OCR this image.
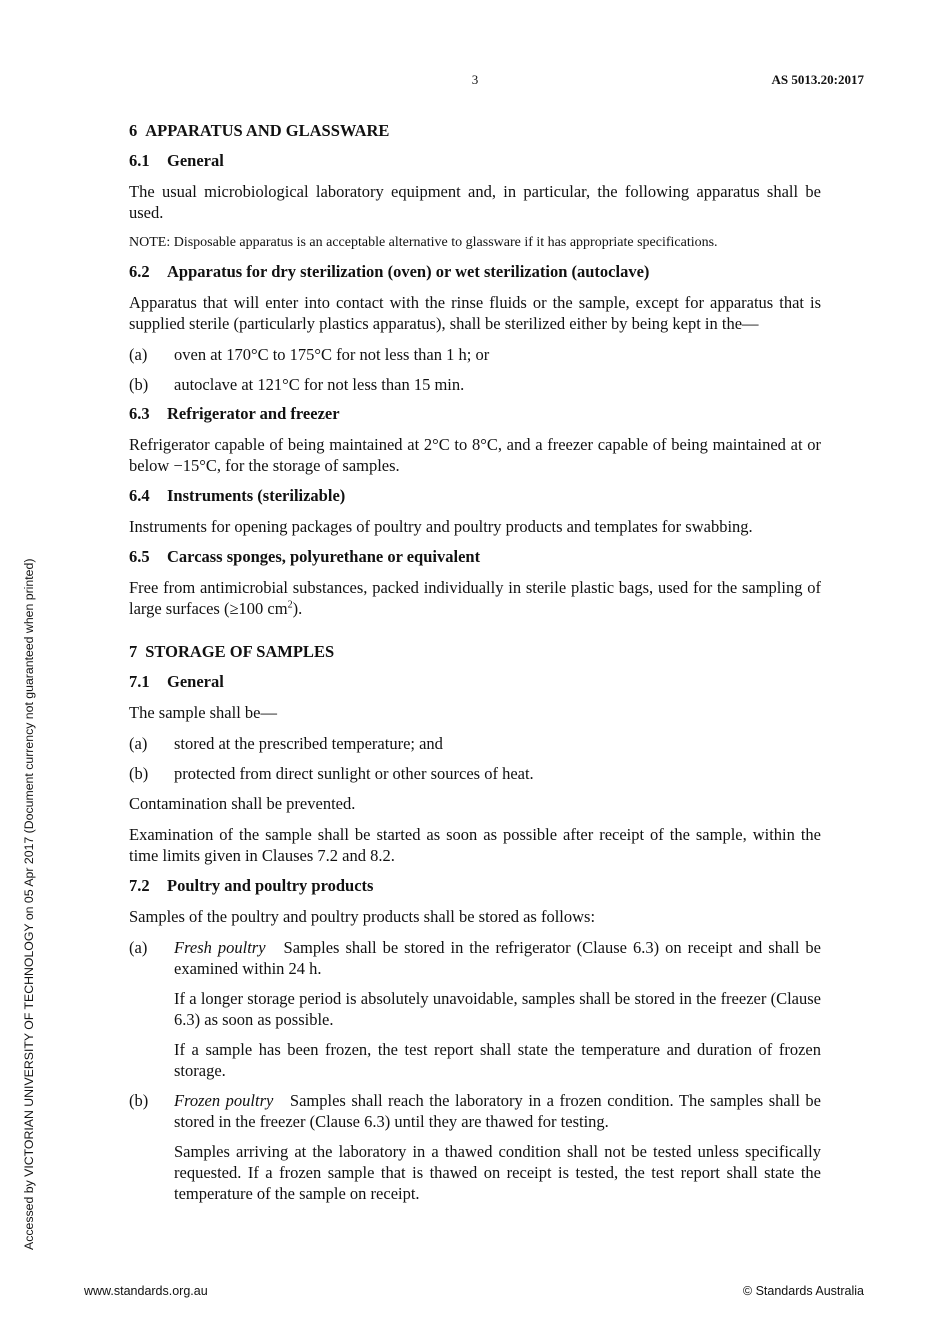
3	AS 5013.20:2017
Accessed by VICTORIAN UNIVERSITY OF TECHNOLOGY on 05 Apr 2017 (Document currency not guaranteed when printed)

6 APPARATUS AND GLASSWARE

6.1 General

The usual microbiological laboratory equipment and, in particular, the following apparatus shall be used.

NOTE: Disposable apparatus is an acceptable alternative to glassware if it has appropriate specifications.

6.2 Apparatus for dry sterilization (oven) or wet sterilization (autoclave)

Apparatus that will enter into contact with the rinse fluids or the sample, except for apparatus that is supplied sterile (particularly plastics apparatus), shall be sterilized either by being kept in the—

(a)	oven at 170°C to 175°C for not less than 1 h; or
(b)	autoclave at 121°C for not less than 15 min.

6.3 Refrigerator and freezer

Refrigerator capable of being maintained at 2°C to 8°C, and a freezer capable of being maintained at or below −15°C, for the storage of samples.

6.4 Instruments (sterilizable)

Instruments for opening packages of poultry and poultry products and templates for swabbing.

6.5 Carcass sponges, polyurethane or equivalent

Free from antimicrobial substances, packed individually in sterile plastic bags, used for the sampling of large surfaces (≥100 $cm^2$).

7 STORAGE OF SAMPLES

7.1 General

The sample shall be—

(a)	stored at the prescribed temperature; and
(b)	protected from direct sunlight or other sources of heat.

Contamination shall be prevented.

Examination of the sample shall be started as soon as possible after receipt of the sample, within the time limits given in Clauses 7.2 and 8.2.

7.2 Poultry and poultry products

Samples of the poultry and poultry products shall be stored as follows:

(a)	Fresh poultry Samples shall be stored in the refrigerator (Clause 6.3) on receipt and shall be examined within 24 h.

If a longer storage period is absolutely unavoidable, samples shall be stored in the freezer (Clause 6.3) as soon as possible.

If a sample has been frozen, the test report shall state the temperature and duration of frozen storage.

(b)	Frozen poultry Samples shall reach the laboratory in a frozen condition. The samples shall be stored in the freezer (Clause 6.3) until they are thawed for testing.

Samples arriving at the laboratory in a thawed condition shall not be tested unless specifically requested. If a frozen sample that is thawed on receipt is tested, the test report shall state the temperature of the sample on receipt.

www.standards.org.au	© Standards Australia
